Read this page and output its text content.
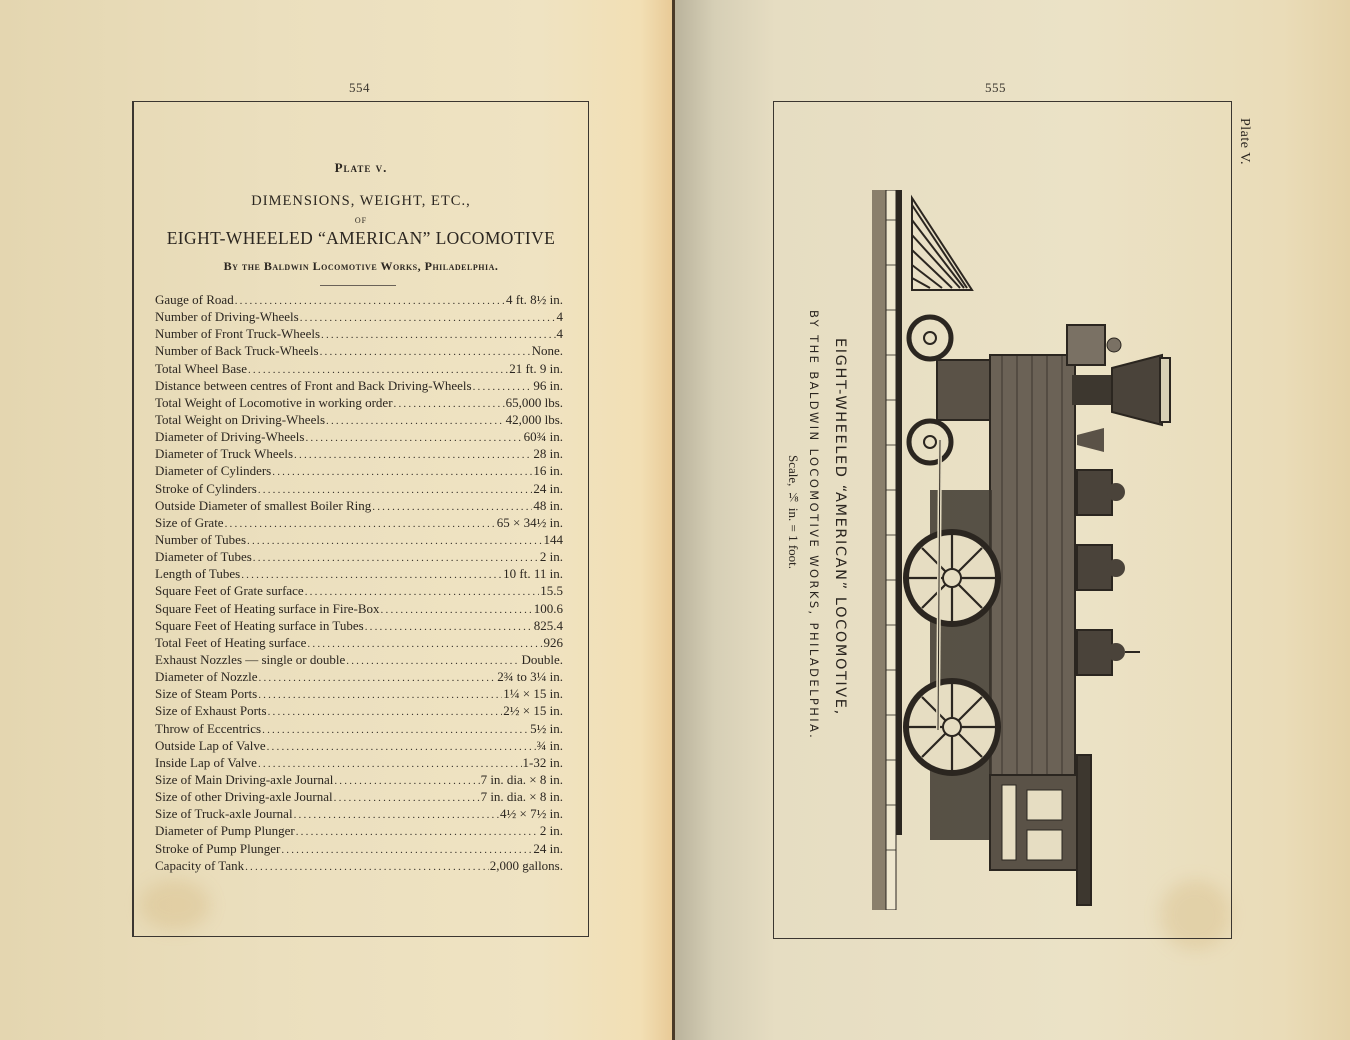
554
Plate v.
DIMENSIONS, WEIGHT, ETC.,
OF
EIGHT-WHEELED “AMERICAN” LOCOMOTIVE
By the Baldwin Locomotive Works, Philadelphia.
Gauge of Road .....	4 ft. 8½ in.
Number of Driving-Wheels .....	4
Number of Front Truck-Wheels .....	4
Number of Back Truck-Wheels .....	None.
Total Wheel Base .....	21 ft. 9 in.
Distance between centres of Front and Back Driving-Wheels .....	96 in.
Total Weight of Locomotive in working order .....	65,000 lbs.
Total Weight on Driving-Wheels .....	42,000 lbs.
Diameter of Driving-Wheels .....	60¾ in.
Diameter of Truck Wheels .....	28 in.
Diameter of Cylinders .....	16 in.
Stroke of Cylinders .....	24 in.
Outside Diameter of smallest Boiler Ring .....	48 in.
Size of Grate .....	65 × 34½ in.
Number of Tubes .....	144
Diameter of Tubes .....	2 in.
Length of Tubes .....	10 ft. 11 in.
Square Feet of Grate surface .....	15.5
Square Feet of Heating surface in Fire-Box .....	100.6
Square Feet of Heating surface in Tubes .....	825.4
Total Feet of Heating surface .....	926
Exhaust Nozzles — single or double .....	Double.
Diameter of Nozzle .....	2¾ to 3¼ in.
Size of Steam Ports .....	1¼ × 15 in.
Size of Exhaust Ports .....	2½ × 15 in.
Throw of Eccentrics .....	5½ in.
Outside Lap of Valve .....	¾ in.
Inside Lap of Valve .....	1-32 in.
Size of Main Driving-axle Journal .....	7 in. dia. × 8 in.
Size of other Driving-axle Journal .....	7 in. dia. × 8 in.
Size of Truck-axle Journal .....	4½ × 7½ in.
Diameter of Pump Plunger .....	2 in.
Stroke of Pump Plunger .....	24 in.
Capacity of Tank .....	2,000 gallons.
555
Plate V.
EIGHT-WHEELED “AMERICAN” LOCOMOTIVE,
BY THE BALDWIN LOCOMOTIVE WORKS, PHILADELPHIA.
Scale, ⅛ in. = 1 foot.
